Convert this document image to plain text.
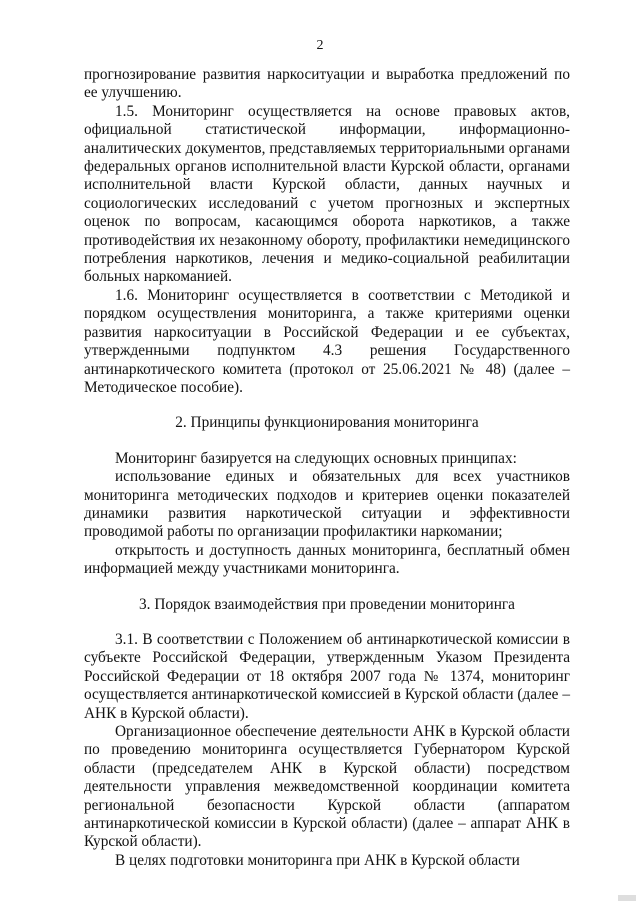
2

прогнозирование развития наркоситуации и выработка предложений по ее улучшению.

1.5. Мониторинг осуществляется на основе правовых актов, официальной статистической информации, информационно-аналитических документов, представляемых территориальными органами федеральных органов исполнительной власти Курской области, органами исполнительной власти Курской области, данных научных и социологических исследований с учетом прогнозных и экспертных оценок по вопросам, касающимся оборота наркотиков, а также противодействия их незаконному обороту, профилактики немедицинского потребления наркотиков, лечения и медико-социальной реабилитации больных наркоманией.

1.6. Мониторинг осуществляется в соответствии с Методикой и порядком осуществления мониторинга, а также критериями оценки развития наркоситуации в Российской Федерации и ее субъектах, утвержденными подпунктом 4.3 решения Государственного антинаркотического комитета (протокол от 25.06.2021 № 48) (далее – Методическое пособие).

2. Принципы функционирования мониторинга

Мониторинг базируется на следующих основных принципах:

использование единых и обязательных для всех участников мониторинга методических подходов и критериев оценки показателей динамики развития наркотической ситуации и эффективности проводимой работы по организации профилактики наркомании;

открытость и доступность данных мониторинга, бесплатный обмен информацией между участниками мониторинга.

3. Порядок взаимодействия при проведении мониторинга

3.1. В соответствии с Положением об антинаркотической комиссии в субъекте Российской Федерации, утвержденным Указом Президента Российской Федерации от 18 октября 2007 года № 1374, мониторинг осуществляется антинаркотической комиссией в Курской области (далее – АНК в Курской области).

Организационное обеспечение деятельности АНК в Курской области по проведению мониторинга осуществляется Губернатором Курской области (председателем АНК в Курской области) посредством деятельности управления межведомственной координации комитета региональной безопасности Курской области (аппаратом антинаркотической комиссии в Курской области) (далее – аппарат АНК в Курской области).

В целях подготовки мониторинга при АНК в Курской области
